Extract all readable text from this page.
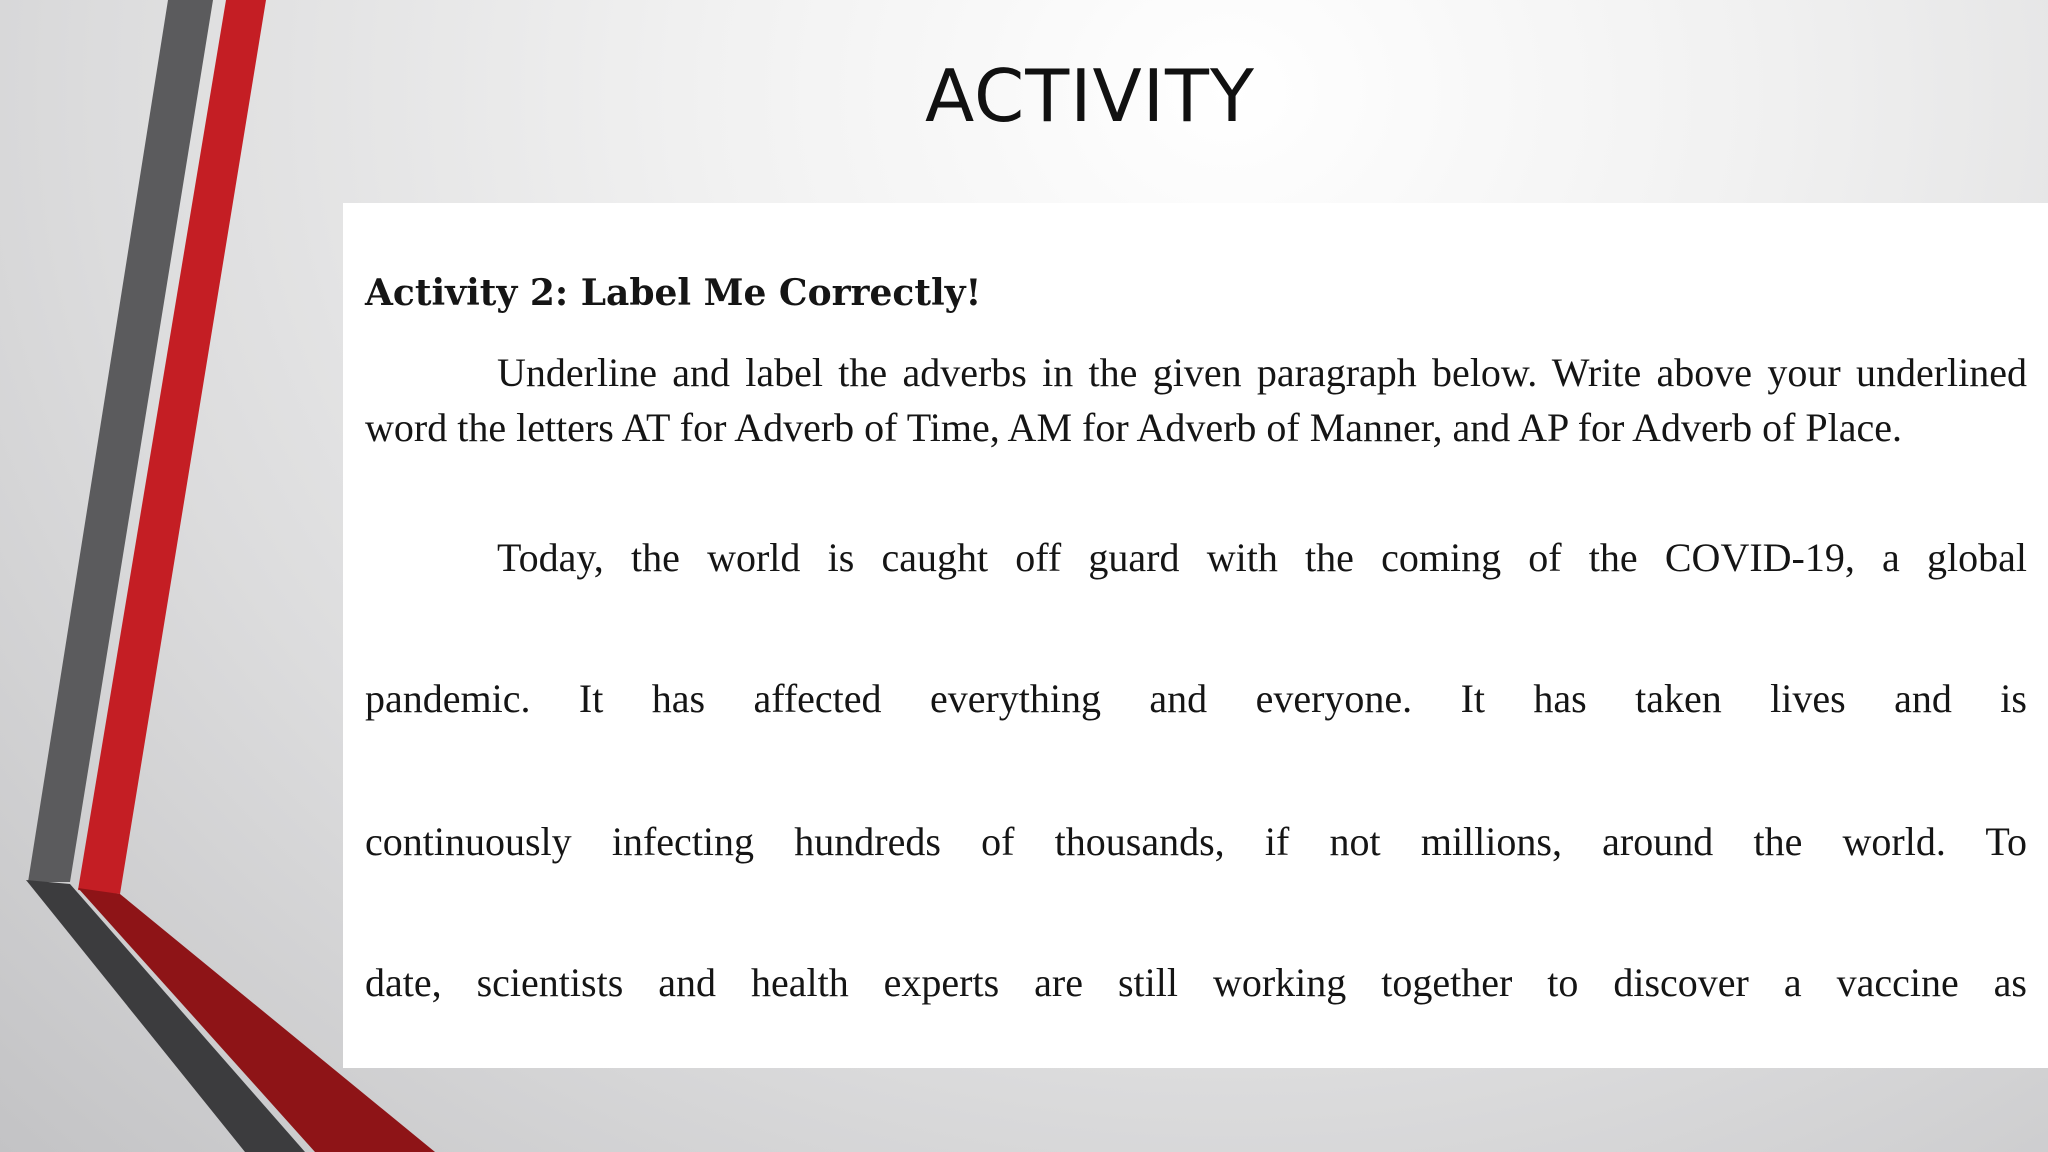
ACTIVITY
Activity 2: Label Me Correctly!
Underline and label the adverbs in the given paragraph below. Write above your underlined word the letters AT for Adverb of Time, AM for Adverb of Manner, and AP for Adverb of Place.
Today, the world is caught off guard with the coming of the COVID-19, a global
pandemic. It has affected everything and everyone. It has taken lives and is
continuously infecting hundreds of thousands, if not millions, around the world. To
date, scientists and health experts are still working together to discover a vaccine as
